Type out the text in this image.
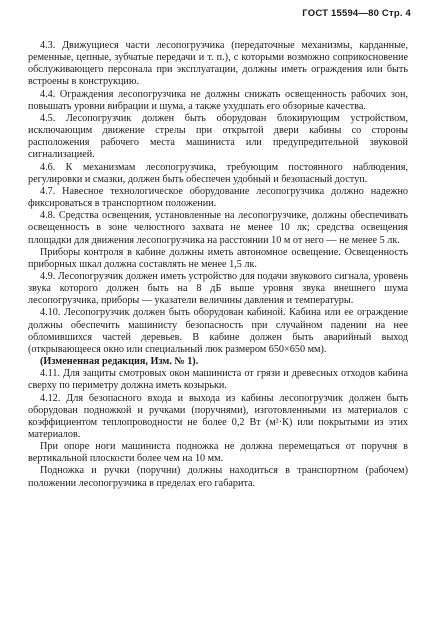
ГОСТ 15594—80 Стр. 4

4.3. Движущиеся части лесопогрузчика (передаточные механизмы, карданные, ременные, цепные, зубчатые передачи и т. п.), с которыми возможно соприкосновение обслуживающего персонала при эксплуатации, должны иметь ограждения или быть встроены в конструкцию.

4.4. Ограждения лесопогрузчика не должны снижать освещенность рабочих зон, повышать уровни вибрации и шума, а также ухудшать его обзорные качества.

4.5. Лесопогрузчик должен быть оборудован блокирующим устройством, исключающим движение стрелы при открытой двери кабины со стороны расположения рабочего места машиниста или предупредительной звуковой сигнализацией.

4.6. К механизмам лесопогрузчика, требующим постоянного наблюдения, регулировки и смазки, должен быть обеспечен удобный и безопасный доступ.

4.7. Навесное технологическое оборудование лесопогрузчика должно надежно фиксироваться в транспортном положении.

4.8. Средства освещения, установленные на лесопогрузчике, должны обеспечивать освещенность в зоне челюстного захвата не менее 10 лк; средства освещения площадки для движения лесопогрузчика на расстоянии 10 м от него — не менее 5 лк.

Приборы контроля в кабине должны иметь автономное освещение. Освещенность приборных шкал должна составлять не менее 1,5 лк.

4.9. Лесопогрузчик должен иметь устройство для подачи звукового сигнала, уровень звука которого должен быть на 8 дБ выше уровня звука внешнего шума лесопогрузчика, приборы — указатели величины давления и температуры.

4.10. Лесопогрузчик должен быть оборудован кабиной. Кабина или ее ограждение должны обеспечить машинисту безопасность при случайном падении на нее обломившихся частей деревьев. В кабине должен быть аварийный выход (открывающееся окно или специальный люк размером 650×650 мм).

(Измененная редакция, Изм. № 1).

4.11. Для защиты смотровых окон машиниста от грязи и древесных отходов кабина сверху по периметру должна иметь козырьки.

4.12. Для безопасного входа и выхода из кабины лесопогрузчик должен быть оборудован подножкой и ручками (поручнями), изготовленными из материалов с коэффициентом теплопроводности не более 0,2 Вт (м²·К) или покрытыми из этих материалов.

При опоре ноги машиниста подножка не должна перемещаться от поручня в вертикальной плоскости более чем на 10 мм.

Подножка и ручки (поручни) должны находиться в транспортном (рабочем) положении лесопогрузчика в пределах его габарита.
